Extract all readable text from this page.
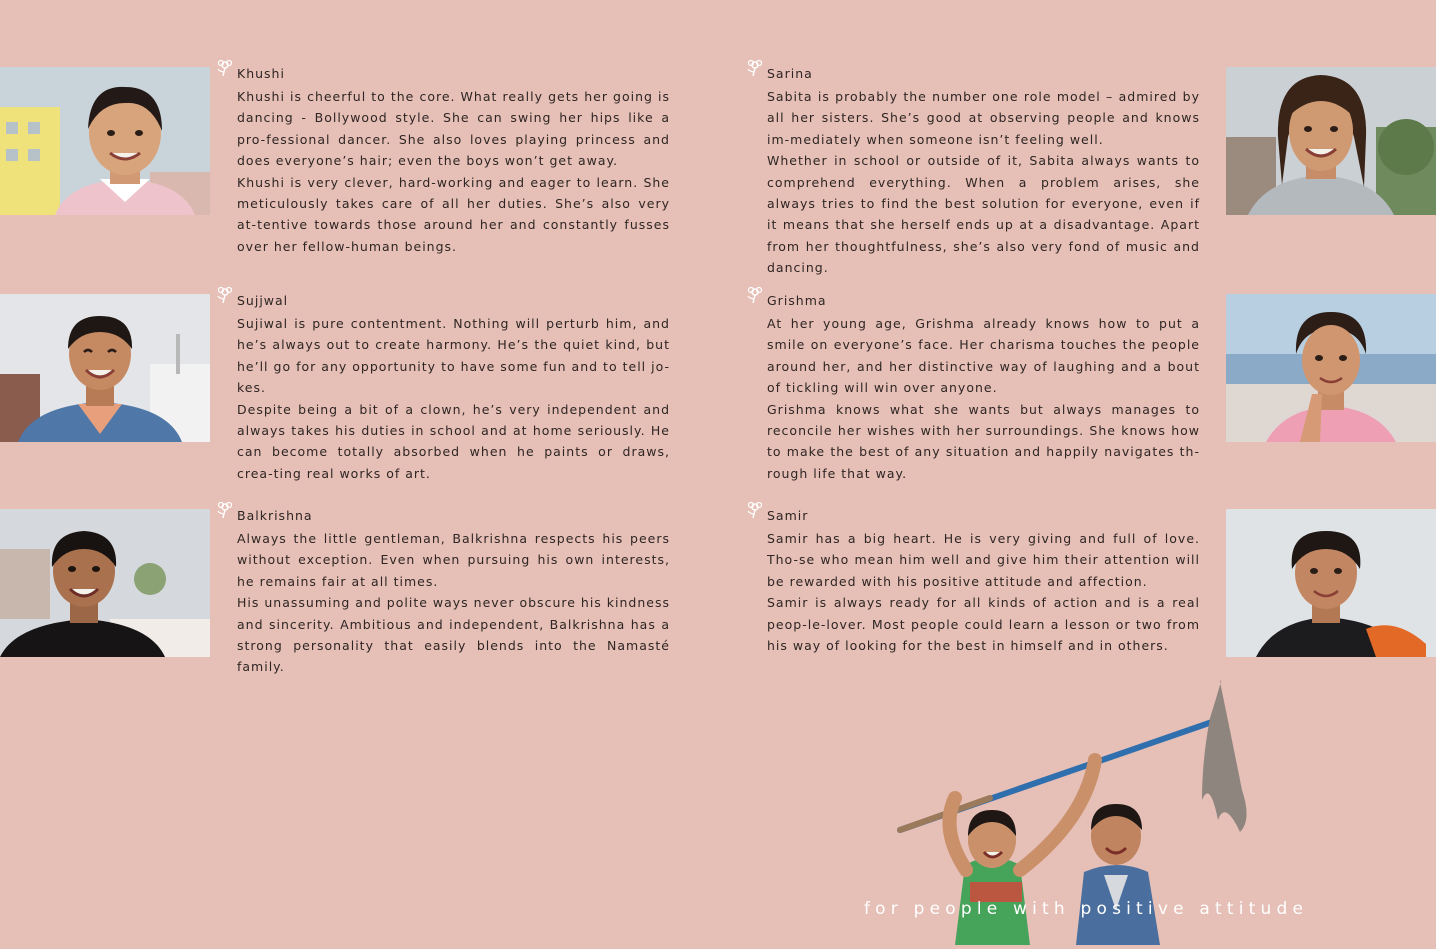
Khushi

Khushi is cheerful to the core. What really gets her going is dancing - Bollywood style. She can swing her hips like a pro-fessional dancer. She also loves playing princess and does everyone’s hair; even the boys won’t get away.

Khushi is very clever, hard-working and eager to learn. She meticulously takes care of all her duties. She’s also very at-tentive towards those around her and constantly fusses over her fellow-human beings.

Sarina

Sabita is probably the number one role model – admired by all her sisters. She’s good at observing people and knows im-mediately when someone isn’t feeling well.

Whether in school or outside of it, Sabita always wants to comprehend everything. When a problem arises, she always tries to find the best solution for everyone, even if it means that she herself ends up at a disadvantage. Apart from her thoughtfulness, she’s also very fond of music and dancing.

Sujjwal

Sujiwal is pure contentment. Nothing will perturb him, and he’s always out to create harmony. He’s the quiet kind, but he’ll go for any opportunity to have some fun and to tell jo-kes.

Despite being a bit of a clown, he’s very independent and always takes his duties in school and at home seriously. He can become totally absorbed when he paints or draws, crea-ting real works of art.

Grishma

At her young age, Grishma already knows how to put a smile on everyone’s face. Her charisma touches the people around her, and her distinctive way of laughing and a bout of tickling will win over anyone.

Grishma knows what she wants but always manages to reconcile her wishes with her surroundings. She knows how to make the best of any situation and happily navigates th-rough life that way.

Balkrishna

Always the little gentleman, Balkrishna respects his peers without exception. Even when pursuing his own interests, he remains fair at all times.

His unassuming and polite ways never obscure his kindness and sincerity. Ambitious and independent, Balkrishna has a strong personality that easily blends into the Namasté family.

Samir

Samir has a big heart. He is very giving and full of love. Tho-se who mean him well and give him their attention will be rewarded with his positive attitude and affection.

Samir is always ready for all kinds of action and is a real peop-le-lover. Most people could learn a lesson or two from his way of looking for the best in himself and in others.

for people with positive attitude
